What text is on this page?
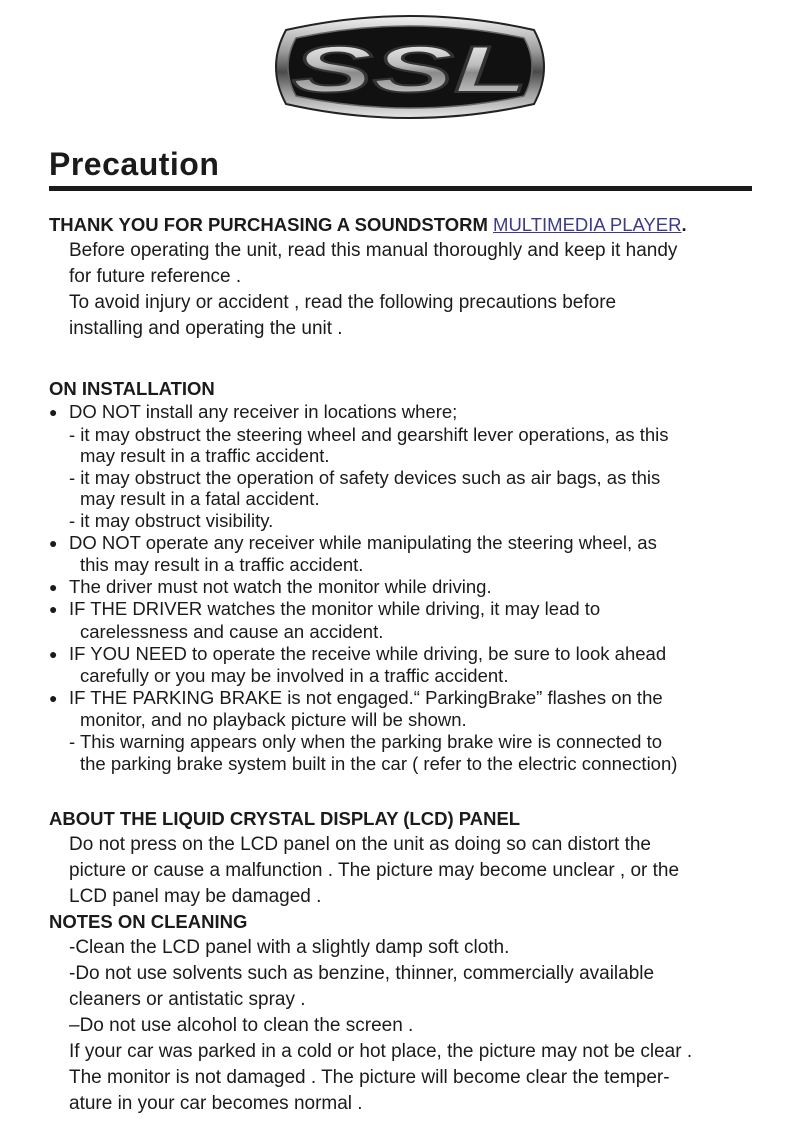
SSL
Precaution
THANK YOU FOR PURCHASING A SOUNDSTORM MULTIMEDIA PLAYER.
Before operating the unit, read this manual thoroughly and keep it handy
for future reference .
To avoid injury or accident , read the following precautions before
installing and operating the unit .
ON INSTALLATION
● DO NOT install any receiver in locations where;
- it may obstruct the steering wheel and gearshift lever operations, as this
may result in a traffic accident.
- it may obstruct the operation of safety devices such as air bags, as this
may result in a fatal accident.
- it may obstruct visibility.
● DO NOT operate any receiver while manipulating the steering wheel, as
this may result in a traffic accident.
● The driver must not watch the monitor while driving.
● IF THE DRIVER watches the monitor while driving, it may lead to
carelessness and cause an accident.
● IF YOU NEED to operate the receive while driving, be sure to look ahead
carefully or you may be involved in a traffic accident.
● IF THE PARKING BRAKE is not engaged.“ ParkingBrake” flashes on the
monitor, and no playback picture will be shown.
- This warning appears only when the parking brake wire is connected to
the parking brake system built in the car ( refer to the electric connection)
ABOUT THE LIQUID CRYSTAL DISPLAY (LCD) PANEL
Do not press on the LCD panel on the unit as doing so can distort the
picture or cause a malfunction . The picture may become unclear , or the
LCD panel may be damaged .
NOTES ON CLEANING
-Clean the LCD panel with a slightly damp soft cloth.
-Do not use solvents such as benzine, thinner, commercially available
cleaners or antistatic spray .
–Do not use alcohol to clean the screen .
If your car was parked in a cold or hot place, the picture may not be clear .
The monitor is not damaged . The picture will become clear the temper-
ature in your car becomes normal .
